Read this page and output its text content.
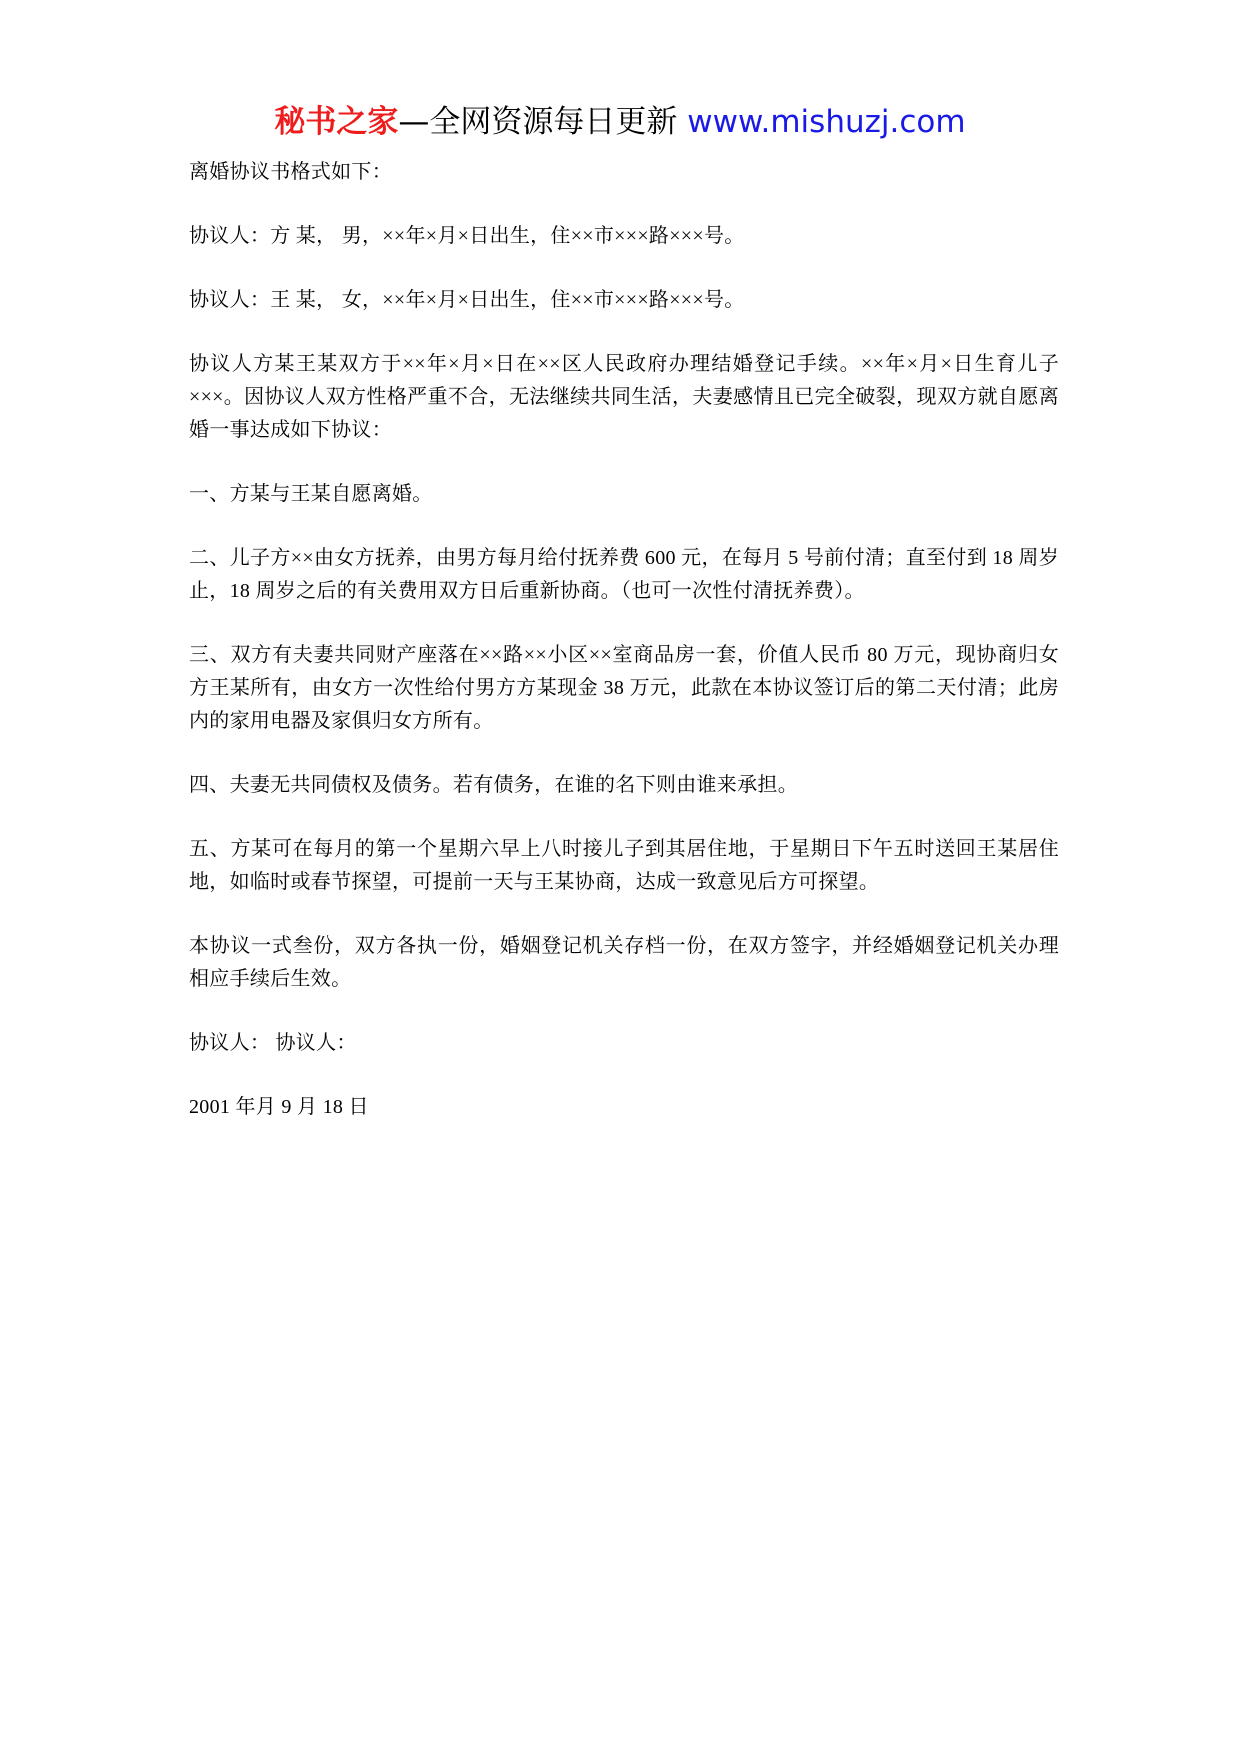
秘书之家—全网资源每日更新 www.mishuzj.com

离婚协议书格式如下：

协议人：方 某， 男，××年×月×日出生，住××市×××路×××号。

协议人：王 某， 女，××年×月×日出生，住××市×××路×××号。

协议人方某王某双方于××年×月×日在××区人民政府办理结婚登记手续。××年×月×日生育儿子×××。因协议人双方性格严重不合，无法继续共同生活，夫妻感情且已完全破裂，现双方就自愿离婚一事达成如下协议：

一、方某与王某自愿离婚。

二、儿子方××由女方抚养，由男方每月给付抚养费 600 元，在每月 5 号前付清；直至付到 18 周岁止，18 周岁之后的有关费用双方日后重新协商。（也可一次性付清抚养费）。

三、双方有夫妻共同财产座落在××路××小区××室商品房一套，价值人民币 80 万元，现协商归女方王某所有，由女方一次性给付男方方某现金 38 万元，此款在本协议签订后的第二天付清；此房内的家用电器及家俱归女方所有。

四、夫妻无共同债权及债务。若有债务，在谁的名下则由谁来承担。

五、方某可在每月的第一个星期六早上八时接儿子到其居住地，于星期日下午五时送回王某居住地，如临时或春节探望，可提前一天与王某协商，达成一致意见后方可探望。

本协议一式叁份，双方各执一份，婚姻登记机关存档一份，在双方签字，并经婚姻登记机关办理相应手续后生效。

协议人： 协议人：

2001 年月 9 月 18 日
